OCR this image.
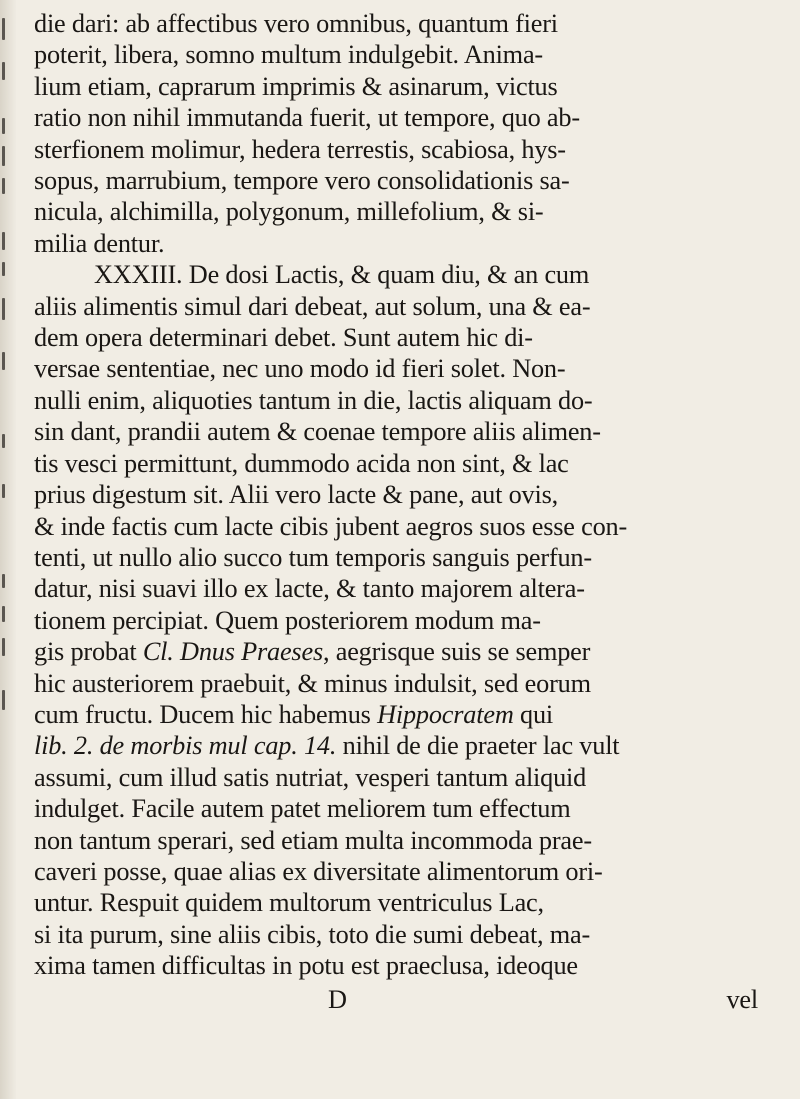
die dari: ab affectibus vero omnibus, quantum fieri
poterit, libera, somno multum indulgebit. Anima-
lium etiam, caprarum imprimis & asinarum, victus
ratio non nihil immutanda fuerit, ut tempore, quo ab-
sterfionem molimur, hedera terrestis, scabiosa, hys-
sopus, marrubium, tempore vero consolidationis sa-
nicula, alchimilla, polygonum, millefolium, & si-
milia dentur.
XXXIII. De dosi Lactis, & quam diu, & an cum
aliis alimentis simul dari debeat, aut solum, una & ea-
dem opera determinari debet. Sunt autem hic di-
versae sententiae, nec uno modo id fieri solet. Non-
nulli enim, aliquoties tantum in die, lactis aliquam do-
sin dant, prandii autem & coenae tempore aliis alimen-
tis vesci permittunt, dummodo acida non sint, & lac
prius digestum sit. Alii vero lacte & pane, aut ovis,
& inde factis cum lacte cibis jubent aegros suos esse con-
tenti, ut nullo alio succo tum temporis sanguis perfun-
datur, nisi suavi illo ex lacte, & tanto majorem altera-
tionem percipiat. Quem posteriorem modum ma-
gis probat Cl. Dnus Praeses, aegrisque suis se semper
hic austeriorem praebuit, & minus indulsit, sed eorum
cum fructu. Ducem hic habemus Hippocratem qui
lib. 2. de morbis mul cap. 14. nihil de die praeter lac vult
assumi, cum illud satis nutriat, vesperi tantum aliquid
indulget. Facile autem patet meliorem tum effectum
non tantum sperari, sed etiam multa incommoda prae-
caveri posse, quae alias ex diversitate alimentorum ori-
untur. Respuit quidem multorum ventriculus Lac,
si ita purum, sine aliis cibis, toto die sumi debeat, ma-
xima tamen difficultas in potu est praeclusa, ideoque
D	vel
